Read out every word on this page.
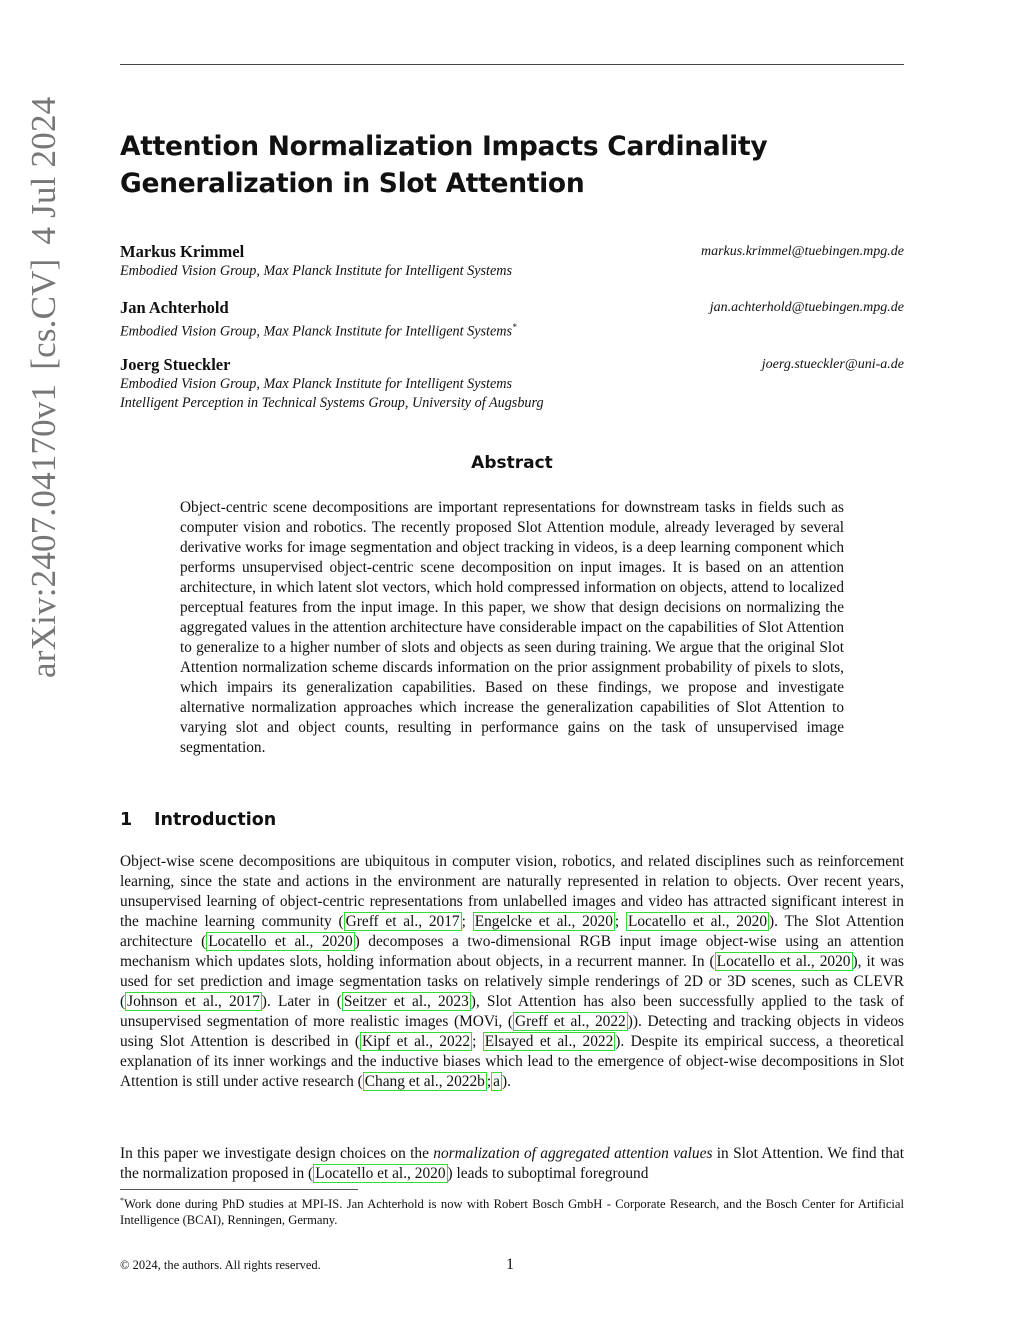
arXiv:2407.04170v1[cs.CV]4 Jul 2024	Attention Normalization Impacts Cardinality Generalization in Slot Attention
Markus Krimmel	markus.krimmel@tuebingen.mpg.de
Embodied Vision Group, Max Planck Institute for Intelligent Systems
Jan Achterhold	jan.achterhold@tuebingen.mpg.de
Embodied Vision Group, Max Planck Institute for Intelligent Systems*
Joerg Stueckler	joerg.stueckler@uni-a.de
Embodied Vision Group, Max Planck Institute for Intelligent Systems
Intelligent Perception in Technical Systems Group, University of Augsburg
Abstract
Object-centric scene decompositions are important representations for downstream tasks in fields such as computer vision and robotics. The recently proposed Slot Attention module, already leveraged by several derivative works for image segmentation and object tracking in videos, is a deep learning component which performs unsupervised object-centric scene decomposition on input images. It is based on an attention architecture, in which latent slot vectors, which hold compressed information on objects, attend to localized perceptual features from the input image. In this paper, we show that design decisions on normalizing the aggregated values in the attention architecture have considerable impact on the capabilities of Slot Attention to generalize to a higher number of slots and objects as seen during training. We argue that the original Slot Attention normalization scheme discards information on the prior assignment probability of pixels to slots, which impairs its generalization capabilities. Based on these findings, we propose and investigate alternative normalization approaches which increase the generalization capabilities of Slot Attention to varying slot and object counts, resulting in performance gains on the task of unsupervised image segmentation.
1 Introduction
Object-wise scene decompositions are ubiquitous in computer vision, robotics, and related disciplines such as reinforcement learning, since the state and actions in the environment are naturally represented in relation to objects. Over recent years, unsupervised learning of object-centric representations from unlabelled images and video has attracted significant interest in the machine learning community ( Greff et al., 2017 ; Engelcke et al., 2020 ; Locatello et al., 2020 ). The Slot Attention architecture ( Locatello et al., 2020 ) decomposes a two-dimensional RGB input image object-wise using an attention mechanism which updates slots, holding information about objects, in a recurrent manner. In ( Locatello et al., 2020 ), it was used for set prediction and image segmentation tasks on relatively simple renderings of 2D or 3D scenes, such as CLEVR ( Johnson et al., 2017 ). Later in ( Seitzer et al., 2023 ), Slot Attention has also been successfully applied to the task of unsupervised segmentation of more realistic images (MOVi, ( Greff et al., 2022 )). Detecting and tracking objects in videos using Slot Attention is described in ( Kipf et al., 2022 ; Elsayed et al., 2022 ). Despite its empirical success, a theoretical explanation of its inner workings and the inductive biases which lead to the emergence of object-wise decompositions in Slot Attention is still under active research ( Chang et al., 2022b ; a ).
In this paper we investigate design choices on the normalization of aggregated attention values in Slot Attention. We find that the normalization proposed in ( Locatello et al., 2020 ) leads to suboptimal foreground
*Work done during PhD studies at MPI-IS. Jan Achterhold is now with Robert Bosch GmbH - Corporate Research, and the Bosch Center for Artificial Intelligence (BCAI), Renningen, Germany.
© 2024, the authors. All rights reserved.	1
